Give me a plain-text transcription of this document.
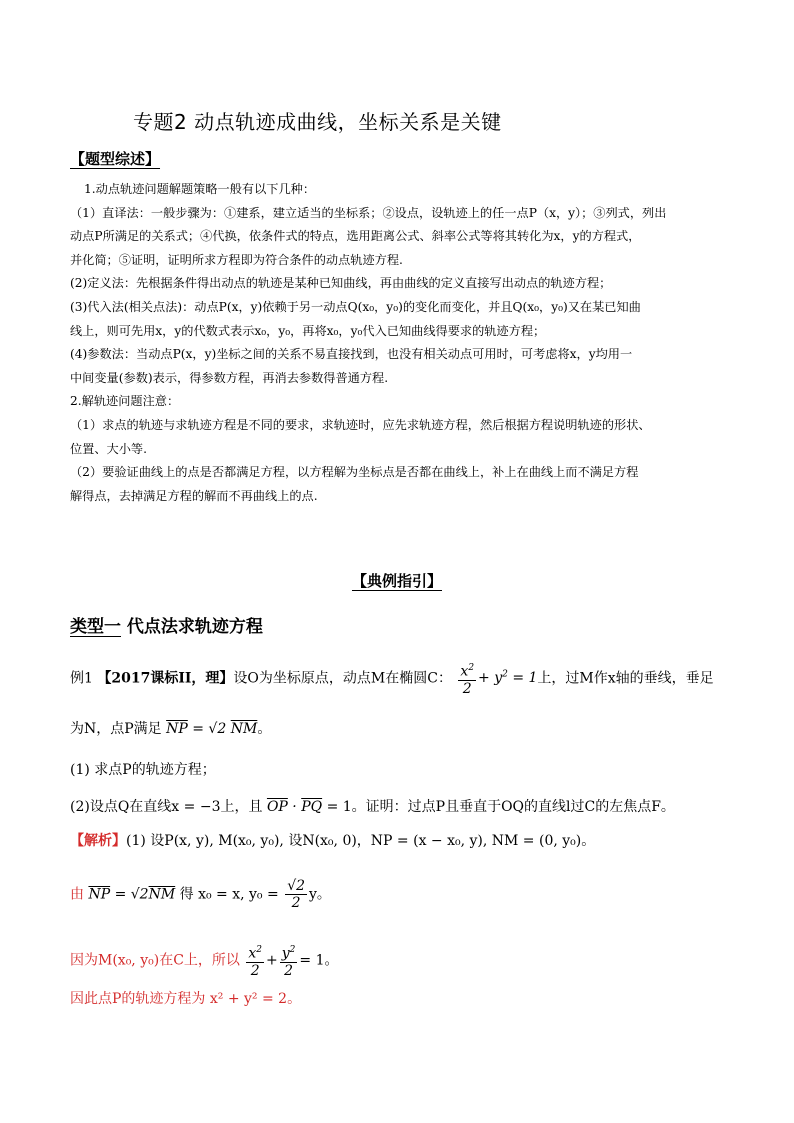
专题2 动点轨迹成曲线，坐标关系是关键
【题型综述】

1.动点轨迹问题解题策略一般有以下几种：

（1）直译法：一般步骤为：①建系，建立适当的坐标系；②设点，设轨迹上的任一点P（x，y）；③列式，列出

动点P所满足的关系式；④代换，依条件式的特点，选用距离公式、斜率公式等将其转化为x，y的方程式，

并化简；⑤证明，证明所求方程即为符合条件的动点轨迹方程.

(2)定义法：先根据条件得出动点的轨迹是某种已知曲线，再由曲线的定义直接写出动点的轨迹方程；

(3)代入法(相关点法)：动点P(x，y)依赖于另一动点Q(x₀，y₀)的变化而变化，并且Q(x₀，y₀)又在某已知曲

线上，则可先用x，y的代数式表示x₀，y₀，再将x₀，y₀代入已知曲线得要求的轨迹方程；

(4)参数法：当动点P(x，y)坐标之间的关系不易直接找到，也没有相关动点可用时，可考虑将x，y均用一

中间变量(参数)表示，得参数方程，再消去参数得普通方程.

2.解轨迹问题注意：

（1）求点的轨迹与求轨迹方程是不同的要求，求轨迹时，应先求轨迹方程，然后根据方程说明轨迹的形状、

位置、大小等.

（2）要验证曲线上的点是否都满足方程，以方程解为坐标点是否都在曲线上，补上在曲线上而不满足方程

解得点，去掉满足方程的解而不再曲线上的点.

【典例指引】
类型一 代点法求轨迹方程
例1 【2017课标II，理】设O为坐标原点，动点M在椭圆C： $\frac{x^2}{2} + y^2 = 1$上，过M作x轴的垂线，垂足
为N，点P满足 $\overline{NP} = √2$ $\overline{NM}$。
(1) 求点P的轨迹方程；
(2)设点Q在直线x = −3上，且 $\overline{OP} \cdot \overline{PQ} = 1$。证明：过点P且垂直于OQ的直线l过C的左焦点F。
【解析】(1) 设P(x, y), M(x₀, y₀), 设N(x₀, 0)，NP = (x − x₀, y), NM = (0, y₀)。
由 $\overline{NP} = √2\overline{NM}$ 得 x₀ = x, $y_0 = \frac{√2}{2}$ y。
因为M(x₀, y₀)在C上，所以 $\frac{x^2}{2} + \frac{y^2}{2} = 1$。
因此点P的轨迹方程为 x² + y² = 2。
